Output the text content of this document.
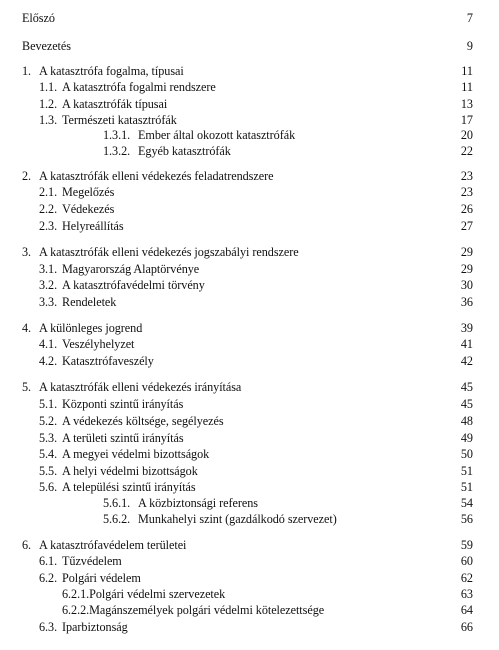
Előszó	7
Bevezetés	9
1. A katasztrófa fogalma, típusai	11
1.1. A katasztrófa fogalmi rendszere	11
1.2. A katasztrófák típusai	13
1.3. Természeti katasztrófák	17
1.3.1. Ember által okozott katasztrófák	20
1.3.2. Egyéb katasztrófák	22
2. A katasztrófák elleni védekezés feladatrendszere	23
2.1. Megelőzés	23
2.2. Védekezés	26
2.3. Helyreállítás	27
3. A katasztrófák elleni védekezés jogszabályi rendszere	29
3.1. Magyarország Alaptörvénye	29
3.2. A katasztrófavédelmi törvény	30
3.3. Rendeletek	36
4. A különleges jogrend	39
4.1. Veszélyhelyzet	41
4.2. Katasztrófaveszély	42
5. A katasztrófák elleni védekezés irányítása	45
5.1. Központi szintű irányítás	45
5.2. A védekezés költsége, segélyezés	48
5.3. A területi szintű irányítás	49
5.4. A megyei védelmi bizottságok	50
5.5. A helyi védelmi bizottságok	51
5.6. A települési szintű irányítás	51
5.6.1. A közbiztonsági referens	54
5.6.2. Munkahelyi szint (gazdálkodó szervezet)	56
6. A katasztrófavédelem területei	59
6.1. Tűzvédelem	60
6.2. Polgári védelem	62
6.2.1.Polgári védelmi szervezetek	63
6.2.2.Magánszemélyek polgári védelmi kötelezettsége	64
6.3. Iparbiztonság	66
